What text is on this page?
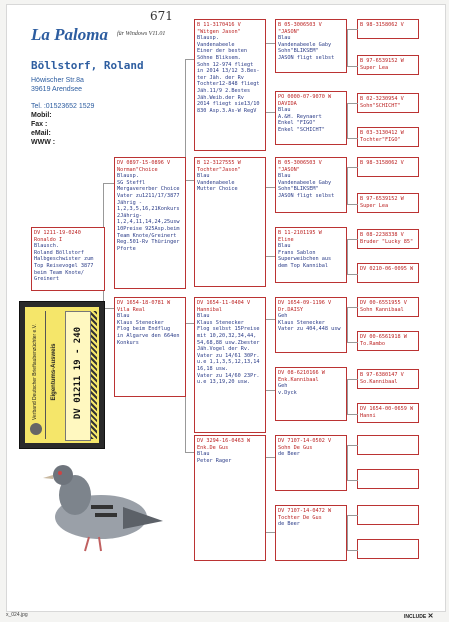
La Paloma für Windows V11.01
671
Böllstorf, Roland
Höwischer Str.8a
39619 Arendsee
Tel. :01523652 1529
Mobil:
Fax :
eMail:
WWW :
DV 1211-19-0240
Ronaldo I
Blausch.
Roland Böllstorf
Halbgeschwister zum
Top Reisevogel 3877
beim Team Knote/
Greinert
DV 0897-15-0896 V
Norman"Choice
Blausp.
SG Steffl
Mergavererber Choice
Vater zu1211/17/3877
Jährig -
1,2,3,5,16,21Konkurs
2Jährig-
1,2,4,11,14,24,25usw
10Preise 925Asp.beim
Team Knote/Greinert
Reg.501-Rv Thüringer
Pforte
DV 1654-18-0781 W
Vila Real
Blau
Klaus Stenecker
Flog beim Endflug
in Algarve den 664en
Konkurs
B 11-3170416 V
"Witgen Jason"
Blausp.
Vandenabeele
Einer der besten
Söhne Bliksem.
Sohn 12-974 fliegt
in 2014 13/12 3.Bes-
ter Jäh. der Rv
Tochter12-848 fliegt
Jäh.11/9 2.Bestes
Jäh.Weib.der Rv
2014 fliegt sie13/10
830 Asp.3.As-W RegV
B 12-3127555 W
Tochter"Jason"
Blau
Vandenabeele
Mutter Choice
DV 1654-11-0404 V
Hannibal
Blau
Klaus Stenecker
Flog selbst 15Preise
mit 10,20,32,34,44,
54,68,88 usw.Zbester
Jäh.Vogel der Rv.
Vater zu 14/61 30Pr.
u.e 1,1,3,5,12,13,14
16,18 usw.
Vater zu 14/60 23Pr.
u.e 13,19,20 usw.
DV 3294-16-0463 W
Enk.De Gus
Blau
Peter Rager
B 05-3006503 V
"JASON"
Blau
Vandenabeele Gaby
Sohn"BLIKSEM"
JASON fligt selbst
PO 0000-07-9070 W
DAVIDA
Blau
A.&H. Reynaert
Enkel "FIGO"
Enkel "SCHICHT"
B 05-3006503 V
"JASON"
Blau
Vandenabeele Gaby
Sohn"BLIKSEM"
JASON fligt selbst
B 11-2101195 W
Eline
Blau
Frans Sablon
Superweibchen aus
dem Top Kannibal
DV 1654-09-1196 V
Dr.DAISY
Geh
Klaus Stenecker
Vater zu 404,448 usw
DV 08-6210166 W
Enk.Kannibaal
Geh
v.Dyck
DV 7107-14-0502 V
Sohn De Gus
de Beer
DV 7107-14-0472 W
Tochter De Gus
de Beer
B 98-3158062 V
B 97-6539152 W
Super Lea
B 02-3230954 V
Sohn"SCHICHT"
B 03-3130412 W
Tochter"FIGO"
B 98-3158062 V
B 97-6539152 W
Super Lea
B 08-2238338 V
Bruder "Lucky 85"
DV 0210-06-0095 W
DV 00-6551955 V
Sohn Kannibaal
DV 00-6561918 W
To.Rambo
B 97-6380147 V
So.Kannibaal
DV 1654-00-0659 W
Hanni
Verband Deutscher Brieftaubenzüchter e.V. Eigentums-Ausweis DV 01211 19 - 240
x_024.jpg	INCLUDE ✕
